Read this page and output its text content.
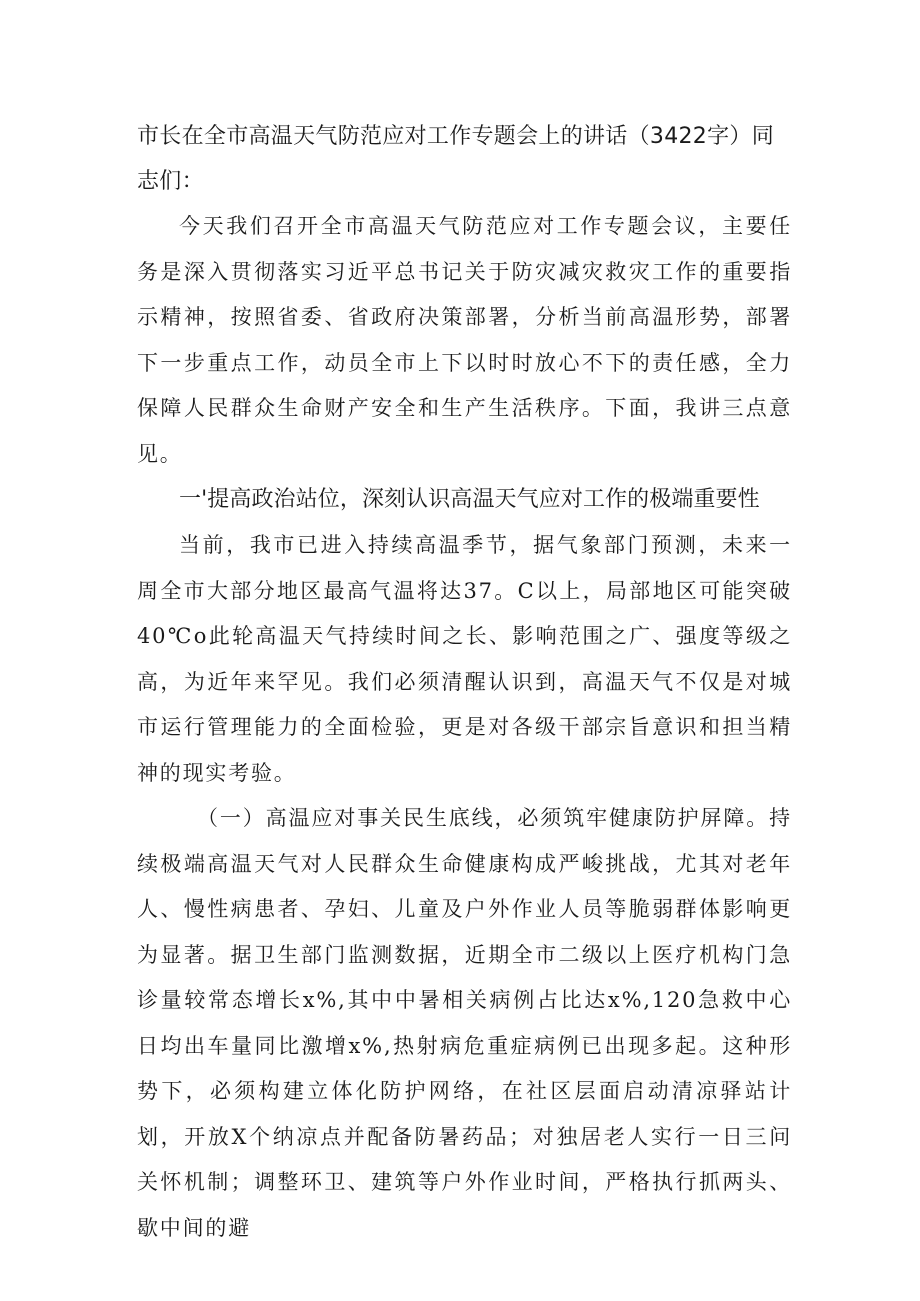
市长在全市高温天气防范应对工作专题会上的讲话（3422字）同志们：

今天我们召开全市高温天气防范应对工作专题会议，主要任务是深入贯彻落实习近平总书记关于防灾减灾救灾工作的重要指示精神，按照省委、省政府决策部署，分析当前高温形势，部署下一步重点工作，动员全市上下以时时放心不下的责任感，全力保障人民群众生命财产安全和生产生活秩序。下面，我讲三点意见。

一'提高政治站位，深刻认识高温天气应对工作的极端重要性

当前，我市已进入持续高温季节，据气象部门预测，未来一周全市大部分地区最高气温将达37。C以上，局部地区可能突破40℃o此轮高温天气持续时间之长、影响范围之广、强度等级之高，为近年来罕见。我们必须清醒认识到，高温天气不仅是对城市运行管理能力的全面检验，更是对各级干部宗旨意识和担当精神的现实考验。

（一）高温应对事关民生底线，必须筑牢健康防护屏障。持续极端高温天气对人民群众生命健康构成严峻挑战，尤其对老年人、慢性病患者、孕妇、儿童及户外作业人员等脆弱群体影响更为显著。据卫生部门监测数据，近期全市二级以上医疗机构门急诊量较常态增长x%,其中中暑相关病例占比达x%,120急救中心日均出车量同比激增x%,热射病危重症病例已出现多起。这种形势下，必须构建立体化防护网络，在社区层面启动清凉驿站计划，开放X个纳凉点并配备防暑药品；对独居老人实行一日三问关怀机制；调整环卫、建筑等户外作业时间，严格执行抓两头、歇中间的避
